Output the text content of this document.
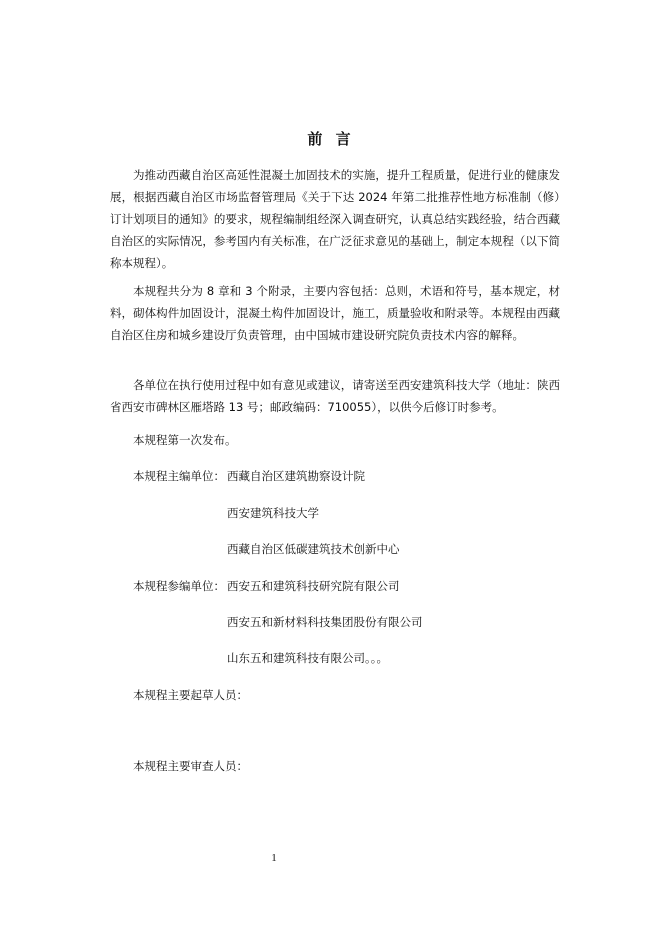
前 言

为推动西藏自治区高延性混凝土加固技术的实施，提升工程质量，促进行业的健康发展，根据西藏自治区市场监督管理局《关于下达 2024 年第二批推荐性地方标准制（修）订计划项目的通知》的要求，规程编制组经深入调查研究，认真总结实践经验，结合西藏自治区的实际情况，参考国内有关标准，在广泛征求意见的基础上，制定本规程（以下简称本规程）。

本规程共分为 8 章和 3 个附录，主要内容包括：总则，术语和符号，基本规定，材料，砌体构件加固设计，混凝土构件加固设计，施工，质量验收和附录等。本规程由西藏自治区住房和城乡建设厅负责管理，由中国城市建设研究院负责技术内容的解释。

各单位在执行使用过程中如有意见或建议，请寄送至西安建筑科技大学（地址：陕西省西安市碑林区雁塔路 13 号；邮政编码：710055），以供今后修订时参考。

本规程第一次发布。
本规程主编单位： 西藏自治区建筑勘察设计院
西安建筑科技大学
西藏自治区低碳建筑技术创新中心
本规程参编单位： 西安五和建筑科技研究院有限公司
西安五和新材料科技集团股份有限公司
山东五和建筑科技有限公司。。。
本规程主要起草人员：
本规程主要审查人员：
1
